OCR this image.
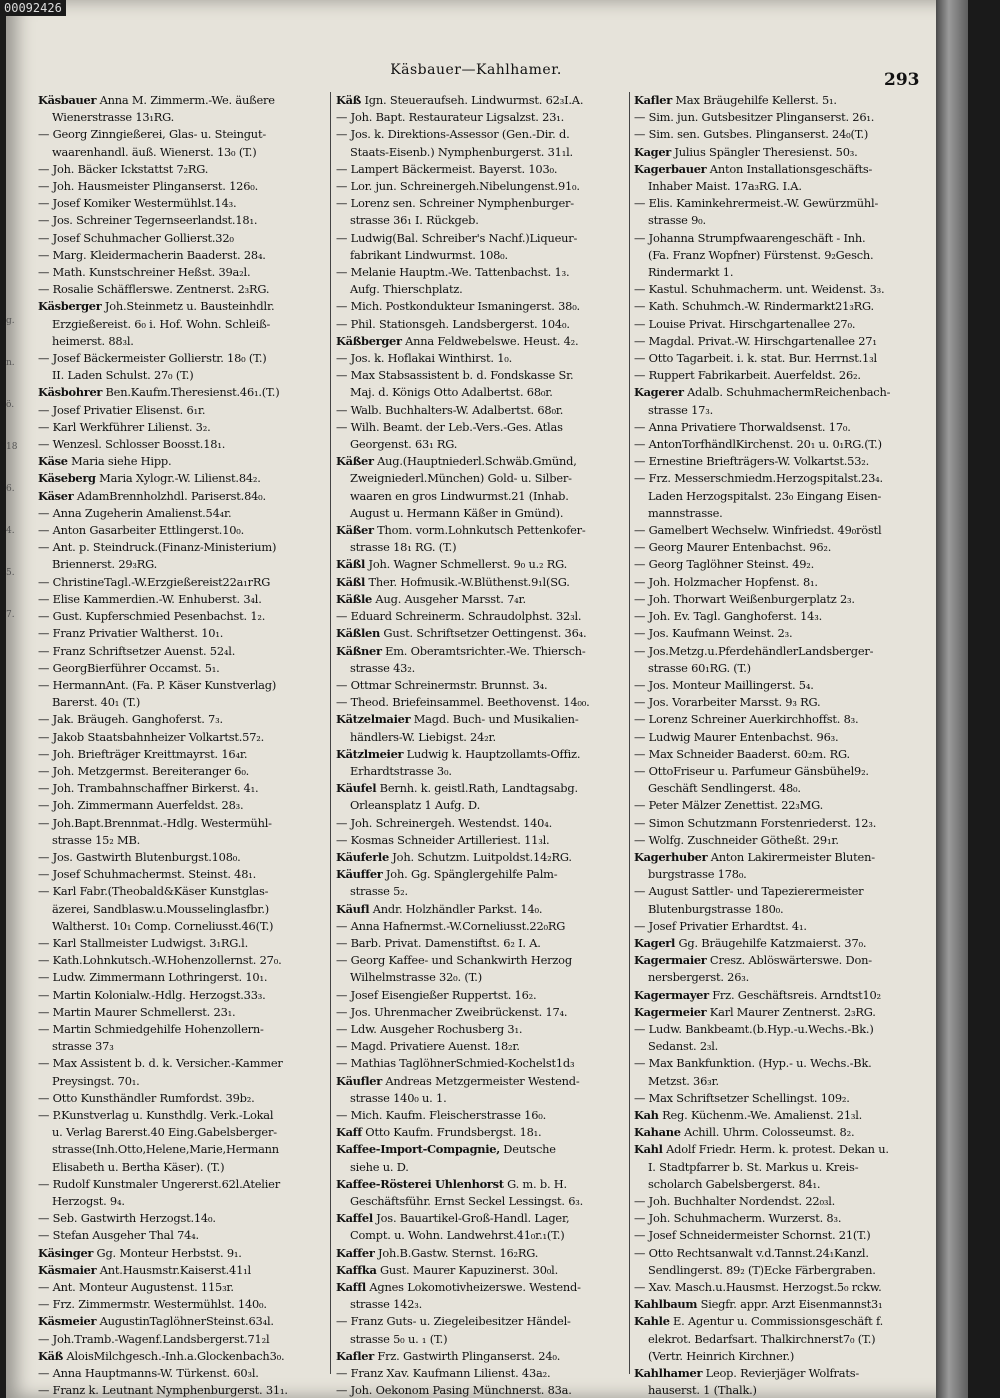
g.
n.
ö.
18
6.
4.
5.
7.
Käsbauer—Kahlhamer.	293
Käsbauer Anna M. Zimmerm.-We. äußere
Wienerstrasse 13₁RG.
— Georg Zinngießerei, Glas- u. Steingut-
waarenhandl. äuß. Wienerst. 13₀ (T.)
— Joh. Bäcker Ickstattst 7₂RG.
— Joh. Hausmeister Plinganserst. 126₀.
— Josef Komiker Westermühlst.14₃.
— Jos. Schreiner Tegernseerlandst.18₁.
— Josef Schuhmacher Gollierst.32₀
— Marg. Kleidermacherin Baaderst. 28₄.
— Math. Kunstschreiner Heßst. 39a₂l.
— Rosalie Schäfflerswe. Zentnerst. 2₃RG.
Käsberger Joh.Steinmetz u. Bausteinhdlr.
Erzgießereist. 6₀ i. Hof. Wohn. Schleiß-
heimerst. 88₃l.
— Josef Bäckermeister Gollierstr. 18₀ (T.)
II. Laden Schulst. 27₀ (T.)
Käsbohrer Ben.Kaufm.Theresienst.46₁.(T.)
— Josef Privatier Elisenst. 6₁r.
— Karl Werkführer Lilienst. 3₂.
— Wenzesl. Schlosser Boosst.18₁.
Käse Maria siehe Hipp.
Käseberg Maria Xylogr.-W. Lilienst.84₂.
Käser AdamBrennholzhdl. Pariserst.84₀.
— Anna Zugeherin Amalienst.54₄r.
— Anton Gasarbeiter Ettlingerst.10₀.
— Ant. p. Steindruck.(Finanz-Ministerium)
Briennerst. 29₃RG.
— ChristineTagl.-W.Erzgießereist22a₁rRG
— Elise Kammerdien.-W. Enhuberst. 3₄l.
— Gust. Kupferschmied Pesenbachst. 1₂.
— Franz Privatier Waltherst. 10₁.
— Franz Schriftsetzer Auenst. 52₄l.
— GeorgBierführer Occamst. 5₁.
— HermannAnt. (Fa. P. Käser Kunstverlag)
Barerst. 40₁ (T.)
— Jak. Bräugeh. Ganghoferst. 7₃.
— Jakob Staatsbahnheizer Volkartst.57₂.
— Joh. Briefträger Kreittmayrst. 16₄r.
— Joh. Metzgermst. Bereiteranger 6₀.
— Joh. Trambahnschaffner Birkerst. 4₁.
— Joh. Zimmermann Auerfeldst. 28₃.
— Joh.Bapt.Brennmat.-Hdlg. Westermühl-
strasse 15₂ MB.
— Jos. Gastwirth Blutenburgst.108₀.
— Josef Schuhmachermst. Steinst. 48₁.
— Karl Fabr.(Theobald&Käser Kunstglas-
äzerei, Sandblasw.u.Mousselinglasfbr.)
Waltherst. 10₁ Comp. Corneliusst.46(T.)
— Karl Stallmeister Ludwigst. 3₁RG.l.
— Kath.Lohnkutsch.-W.Hohenzollernst. 27₀.
— Ludw. Zimmermann Lothringerst. 10₁.
— Martin Kolonialw.-Hdlg. Herzogst.33₃.
— Martin Maurer Schmellerst. 23₁.
— Martin Schmiedgehilfe Hohenzollern-
strasse 37₃
— Max Assistent b. d. k. Versicher.-Kammer
Preysingst. 70₁.
— Otto Kunsthändler Rumfordst. 39b₂.
— P.Kunstverlag u. Kunsthdlg. Verk.-Lokal
u. Verlag Barerst.40 Eing.Gabelsberger-
strasse(Inh.Otto,Helene,Marie,Hermann
Elisabeth u. Bertha Käser). (T.)
— Rudolf Kunstmaler Ungererst.62l.Atelier
Herzogst. 9₄.
— Seb. Gastwirth Herzogst.14₀.
— Stefan Ausgeher Thal 74₄.
Käsinger Gg. Monteur Herbstst. 9₁.
Käsmaier Ant.Hausmstr.Kaiserst.41₁l
— Ant. Monteur Augustenst. 115₃r.
— Frz. Zimmermstr. Westermühlst. 140₀.
Käsmeier AugustinTaglöhnerSteinst.63₄l.
— Joh.Tramb.-Wagenf.Landsbergerst.71₂l
Käß AloisMilchgesch.-Inh.a.Glockenbach3₀.
— Anna Hauptmanns-W. Türkenst. 60₃l.
— Franz k. Leutnant Nymphenburgerst. 31₁.
Käß Ign. Steueraufseh. Lindwurmst. 62₃I.A.
— Joh. Bapt. Restaurateur Ligsalzst. 23₁.
— Jos. k. Direktions-Assessor (Gen.-Dir. d.
Staats-Eisenb.) Nymphenburgerst. 31₁l.
— Lampert Bäckermeist. Bayerst. 103₀.
— Lor. jun. Schreinergeh.Nibelungenst.91₀.
— Lorenz sen. Schreiner Nymphenburger-
strasse 36₁ I. Rückgeb.
— Ludwig(Bal. Schreiber's Nachf.)Liqueur-
fabrikant Lindwurmst. 108₀.
— Melanie Hauptm.-We. Tattenbachst. 1₃.
Aufg. Thierschplatz.
— Mich. Postkondukteur Ismaningerst. 38₀.
— Phil. Stationsgeh. Landsbergerst. 104₀.
Käßberger Anna Feldwebelswe. Heust. 4₂.
— Jos. k. Hoflakai Winthirst. 1₀.
— Max Stabsassistent b. d. Fondskasse Sr.
Maj. d. Königs Otto Adalbertst. 68₀r.
— Walb. Buchhalters-W. Adalbertst. 68₀r.
— Wilh. Beamt. der Leb.-Vers.-Ges. Atlas
Georgenst. 63₁ RG.
Käßer Aug.(Hauptniederl.Schwäb.Gmünd,
Zweigniederl.München) Gold- u. Silber-
waaren en gros Lindwurmst.21 (Inhab.
August u. Hermann Käßer in Gmünd).
Käßer Thom. vorm.Lohnkutsch Pettenkofer-
strasse 18₁ RG. (T.)
Käßl Joh. Wagner Schmellerst. 9₀ u.₂ RG.
Käßl Ther. Hofmusik.-W.Blüthenst.9₁l(SG.
Käßle Aug. Ausgeher Marsst. 7₄r.
— Eduard Schreinerm. Schraudolphst. 32₃l.
Käßlen Gust. Schriftsetzer Oettingenst. 36₄.
Käßner Em. Oberamtsrichter.-We. Thiersch-
strasse 43₂.
— Ottmar Schreinermstr. Brunnst. 3₄.
— Theod. Briefeinsammel. Beethovenst. 14₀₀.
Kätzelmaier Magd. Buch- und Musikalien-
händlers-W. Liebigst. 24₂r.
Kätzlmeier Ludwig k. Hauptzollamts-Offiz.
Erhardtstrasse 3₀.
Käufel Bernh. k. geistl.Rath, Landtagsabg.
Orleansplatz 1 Aufg. D.
— Joh. Schreinergeh. Westendst. 140₄.
— Kosmas Schneider Artilleriest. 11₃l.
Käuferle Joh. Schutzm. Luitpoldst.14₂RG.
Käuffer Joh. Gg. Spänglergehilfe Palm-
strasse 5₂.
Käufl Andr. Holzhändler Parkst. 14₀.
— Anna Hafnermst.-W.Corneliusst.22₀RG
— Barb. Privat. Damenstiftst. 6₂ I. A.
— Georg Kaffee- und Schankwirth Herzog
Wilhelmstrasse 32₀. (T.)
— Josef Eisengießer Ruppertst. 16₂.
— Jos. Uhrenmacher Zweibrückenst. 17₄.
— Ldw. Ausgeher Rochusberg 3₁.
— Magd. Privatiere Auenst. 18₂r.
— Mathias TaglöhnerSchmied-Kochelst1d₃
Käufler Andreas Metzgermeister Westend-
strasse 140₀ u. 1.
— Mich. Kaufm. Fleischerstrasse 16₀.
Kaff Otto Kaufm. Frundsbergst. 18₁.
Kaffee-Import-Compagnie, Deutsche
siehe u. D.
Kaffee-Rösterei Uhlenhorst G. m. b. H.
Geschäftsführ. Ernst Seckel Lessingst. 6₃.
Kaffel Jos. Bauartikel-Groß-Handl. Lager,
Compt. u. Wohn. Landwehrst.41₀r.₁(T.)
Kaffer Joh.B.Gastw. Sternst. 16₂RG.
Kaffka Gust. Maurer Kapuzinerst. 30₀l.
Kaffl Agnes Lokomotivheizerswe. Westend-
strasse 142₃.
— Franz Guts- u. Ziegeleibesitzer Händel-
strasse 5₀ u. ₁ (T.)
Kafler Frz. Gastwirth Plinganserst. 24₀.
— Franz Xav. Kaufmann Lilienst. 43a₂.
— Joh. Oekonom Pasing Münchnerst. 83a.
Kafler Max Bräugehilfe Kellerst. 5₁.
— Sim. jun. Gutsbesitzer Plinganserst. 26₁.
— Sim. sen. Gutsbes. Plinganserst. 24₀(T.)
Kager Julius Spängler Theresienst. 50₃.
Kagerbauer Anton Installationsgeschäfts-
Inhaber Maist. 17a₃RG. I.A.
— Elis. Kaminkehrermeist.-W. Gewürzmühl-
strasse 9₀.
— Johanna Strumpfwaarengeschäft - Inh.
(Fa. Franz Wopfner) Fürstenst. 9₂Gesch.
Rindermarkt 1.
— Kastul. Schuhmacherm. unt. Weidenst. 3₃.
— Kath. Schuhmch.-W. Rindermarkt21₃RG.
— Louise Privat. Hirschgartenallee 27₀.
— Magdal. Privat.-W. Hirschgartenallee 27₁
— Otto Tagarbeit. i. k. stat. Bur. Herrnst.1₃l
— Ruppert Fabrikarbeit. Auerfeldst. 26₂.
Kagerer Adalb. SchuhmachermReichenbach-
strasse 17₃.
— Anna Privatiere Thorwaldsenst. 17₀.
— AntonTorfhändlKirchenst. 20₁ u. 0₁RG.(T.)
— Ernestine Briefträgers-W. Volkartst.53₂.
— Frz. Messerschmiedm.Herzogspitalst.23₄.
Laden Herzogspitalst. 23₀ Eingang Eisen-
mannstrasse.
— Gamelbert Wechselw. Winfriedst. 49₀röstl
— Georg Maurer Entenbachst. 96₂.
— Georg Taglöhner Steinst. 49₂.
— Joh. Holzmacher Hopfenst. 8₁.
— Joh. Thorwart Weißenburgerplatz 2₃.
— Joh. Ev. Tagl. Ganghoferst. 14₃.
— Jos. Kaufmann Weinst. 2₃.
— Jos.Metzg.u.PferdehändlerLandsberger-
strasse 60₁RG. (T.)
— Jos. Monteur Maillingerst. 5₄.
— Jos. Vorarbeiter Marsst. 9₃ RG.
— Lorenz Schreiner Auerkirchhoffst. 8₃.
— Ludwig Maurer Entenbachst. 96₃.
— Max Schneider Baaderst. 60₂m. RG.
— OttoFriseur u. Parfumeur Gänsbühel9₂.
Geschäft Sendlingerst. 48₀.
— Peter Mälzer Zenettist. 22₃MG.
— Simon Schutzmann Forstenriederst. 12₃.
— Wolfg. Zuschneider Götheßt. 29₁r.
Kagerhuber Anton Lakirermeister Bluten-
burgstrasse 178₀.
— August Sattler- und Tapezierermeister
Blutenburgstrasse 180₀.
— Josef Privatier Erhardtst. 4₁.
Kagerl Gg. Bräugehilfe Katzmaierst. 37₀.
Kagermaier Cresz. Ablöswärterswe. Don-
nersbergerst. 26₃.
Kagermayer Frz. Geschäftsreis. Arndtst10₂
Kagermeier Karl Maurer Zentnerst. 2₃RG.
— Ludw. Bankbeamt.(b.Hyp.-u.Wechs.-Bk.)
Sedanst. 2₃l.
— Max Bankfunktion. (Hyp.- u. Wechs.-Bk.
Metzst. 36₃r.
— Max Schriftsetzer Schellingst. 109₂.
Kah Reg. Küchenm.-We. Amalienst. 21₃l.
Kahane Achill. Uhrm. Colosseumst. 8₂.
Kahl Adolf Friedr. Herm. k. protest. Dekan u.
I. Stadtpfarrer b. St. Markus u. Kreis-
scholarch Gabelsbergerst. 84₁.
— Joh. Buchhalter Nordendst. 22₀₃l.
— Joh. Schuhmacherm. Wurzerst. 8₃.
— Josef Schneidermeister Schornst. 21(T.)
— Otto Rechtsanwalt v.d.Tannst.24₁Kanzl.
Sendlingerst. 89₂ (T)Ecke Färbergraben.
— Xav. Masch.u.Hausmst. Herzogst.5₀ rckw.
Kahlbaum Siegfr. appr. Arzt Eisenmannst3₁
Kahle E. Agentur u. Commissionsgeschäft f.
elekrot. Bedarfsart. Thalkirchnerst7₀ (T.)
(Vertr. Heinrich Kirchner.)
Kahlhamer Leop. Revierjäger Wolfrats-
hauserst. 1 (Thalk.)
00092426
